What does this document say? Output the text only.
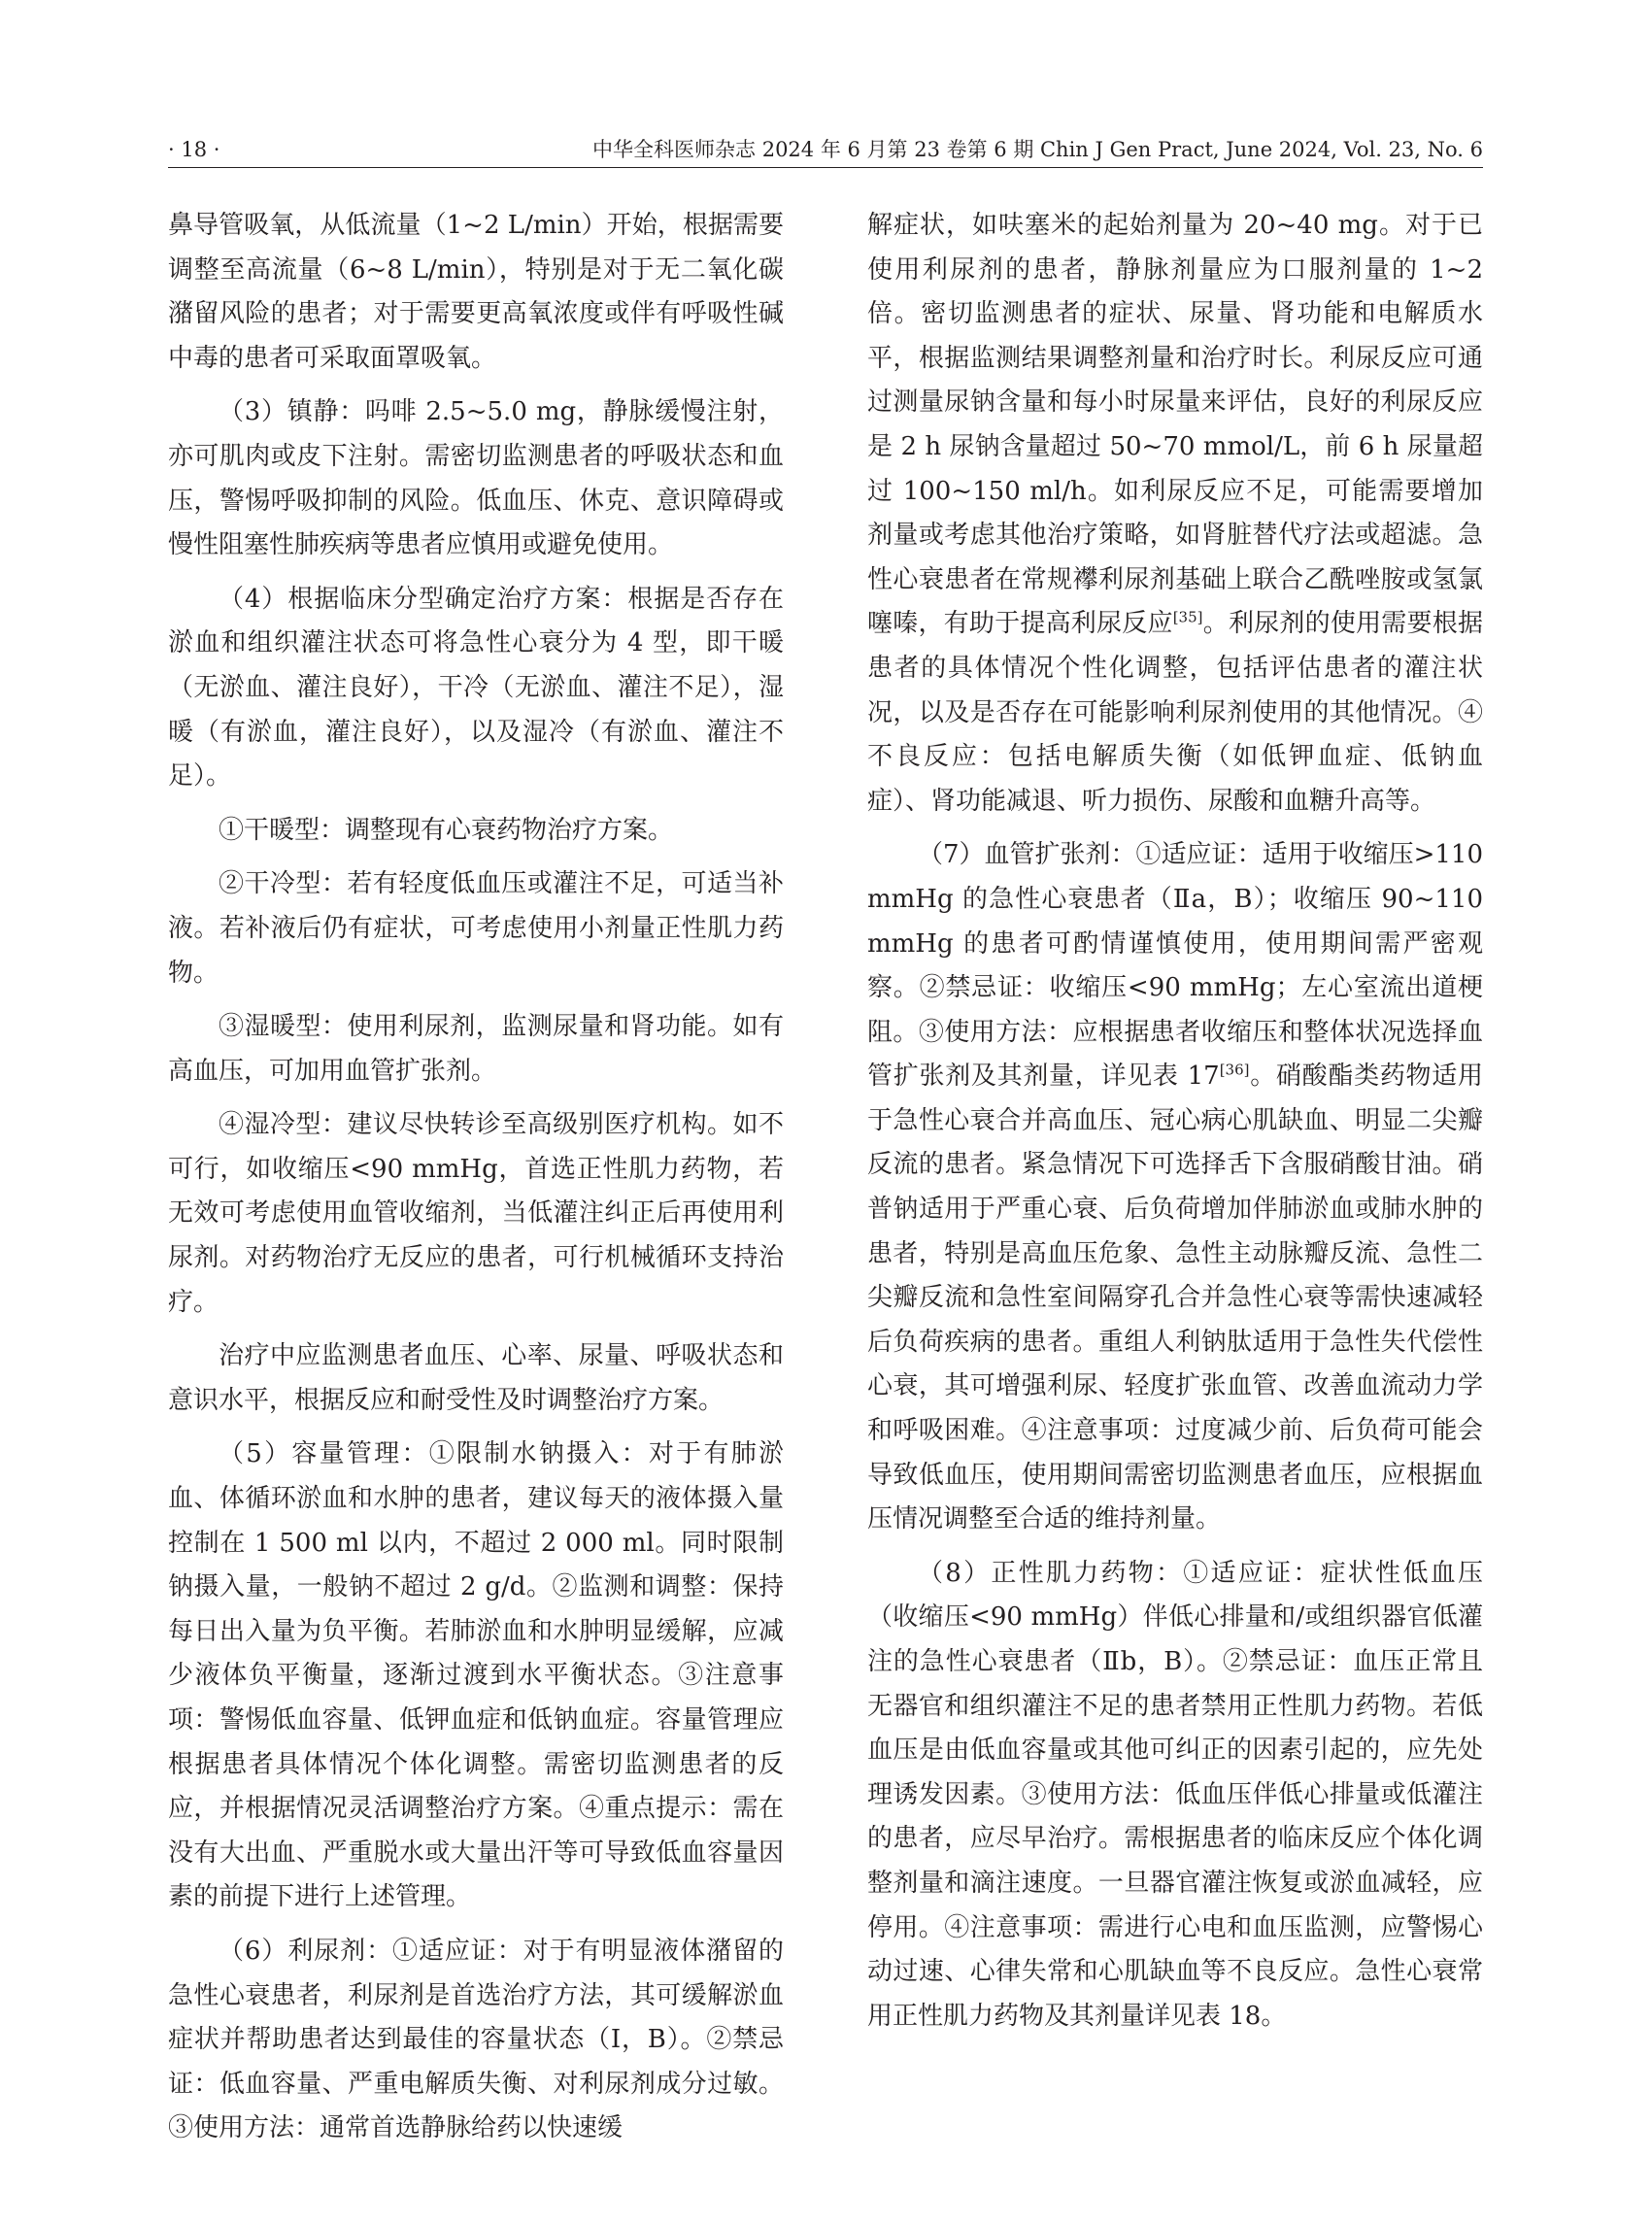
· 18 ·	中华全科医师杂志 2024 年 6 月第 23 卷第 6 期 Chin J Gen Pract, June 2024, Vol. 23, No. 6

鼻导管吸氧，从低流量（1~2 L/min）开始，根据需要调整至高流量（6~8 L/min），特别是对于无二氧化碳潴留风险的患者；对于需要更高氧浓度或伴有呼吸性碱中毒的患者可采取面罩吸氧。

（3）镇静：吗啡 2.5~5.0 mg，静脉缓慢注射，亦可肌肉或皮下注射。需密切监测患者的呼吸状态和血压，警惕呼吸抑制的风险。低血压、休克、意识障碍或慢性阻塞性肺疾病等患者应慎用或避免使用。

（4）根据临床分型确定治疗方案：根据是否存在淤血和组织灌注状态可将急性心衰分为 4 型，即干暖（无淤血、灌注良好），干冷（无淤血、灌注不足），湿暖（有淤血，灌注良好），以及湿冷（有淤血、灌注不足）。

①干暖型：调整现有心衰药物治疗方案。

②干冷型：若有轻度低血压或灌注不足，可适当补液。若补液后仍有症状，可考虑使用小剂量正性肌力药物。

③湿暖型：使用利尿剂，监测尿量和肾功能。如有高血压，可加用血管扩张剂。

④湿冷型：建议尽快转诊至高级别医疗机构。如不可行，如收缩压<90 mmHg，首选正性肌力药物，若无效可考虑使用血管收缩剂，当低灌注纠正后再使用利尿剂。对药物治疗无反应的患者，可行机械循环支持治疗。

治疗中应监测患者血压、心率、尿量、呼吸状态和意识水平，根据反应和耐受性及时调整治疗方案。

（5）容量管理：①限制水钠摄入：对于有肺淤血、体循环淤血和水肿的患者，建议每天的液体摄入量控制在 1 500 ml 以内，不超过 2 000 ml。同时限制钠摄入量，一般钠不超过 2 g/d。②监测和调整：保持每日出入量为负平衡。若肺淤血和水肿明显缓解，应减少液体负平衡量，逐渐过渡到水平衡状态。③注意事项：警惕低血容量、低钾血症和低钠血症。容量管理应根据患者具体情况个体化调整。需密切监测患者的反应，并根据情况灵活调整治疗方案。④重点提示：需在没有大出血、严重脱水或大量出汗等可导致低血容量因素的前提下进行上述管理。

（6）利尿剂：①适应证：对于有明显液体潴留的急性心衰患者，利尿剂是首选治疗方法，其可缓解淤血症状并帮助患者达到最佳的容量状态（Ⅰ，B）。②禁忌证：低血容量、严重电解质失衡、对利尿剂成分过敏。③使用方法：通常首选静脉给药以快速缓

解症状，如呋塞米的起始剂量为 20~40 mg。对于已使用利尿剂的患者，静脉剂量应为口服剂量的 1~2 倍。密切监测患者的症状、尿量、肾功能和电解质水平，根据监测结果调整剂量和治疗时长。利尿反应可通过测量尿钠含量和每小时尿量来评估，良好的利尿反应是 2 h 尿钠含量超过 50~70 mmol/L，前 6 h 尿量超过 100~150 ml/h。如利尿反应不足，可能需要增加剂量或考虑其他治疗策略，如肾脏替代疗法或超滤。急性心衰患者在常规襻利尿剂基础上联合乙酰唑胺或氢氯噻嗪，有助于提高利尿反应[35]。利尿剂的使用需要根据患者的具体情况个性化调整，包括评估患者的灌注状况，以及是否存在可能影响利尿剂使用的其他情况。④不良反应：包括电解质失衡（如低钾血症、低钠血症）、肾功能减退、听力损伤、尿酸和血糖升高等。

（7）血管扩张剂：①适应证：适用于收缩压>110 mmHg 的急性心衰患者（Ⅱa，B）；收缩压 90~110 mmHg 的患者可酌情谨慎使用，使用期间需严密观察。②禁忌证：收缩压<90 mmHg；左心室流出道梗阻。③使用方法：应根据患者收缩压和整体状况选择血管扩张剂及其剂量，详见表 17[36]。硝酸酯类药物适用于急性心衰合并高血压、冠心病心肌缺血、明显二尖瓣反流的患者。紧急情况下可选择舌下含服硝酸甘油。硝普钠适用于严重心衰、后负荷增加伴肺淤血或肺水肿的患者，特别是高血压危象、急性主动脉瓣反流、急性二尖瓣反流和急性室间隔穿孔合并急性心衰等需快速减轻后负荷疾病的患者。重组人利钠肽适用于急性失代偿性心衰，其可增强利尿、轻度扩张血管、改善血流动力学和呼吸困难。④注意事项：过度减少前、后负荷可能会导致低血压，使用期间需密切监测患者血压，应根据血压情况调整至合适的维持剂量。

（8）正性肌力药物：①适应证：症状性低血压（收缩压<90 mmHg）伴低心排量和/或组织器官低灌注的急性心衰患者（Ⅱb，B）。②禁忌证：血压正常且无器官和组织灌注不足的患者禁用正性肌力药物。若低血压是由低血容量或其他可纠正的因素引起的，应先处理诱发因素。③使用方法：低血压伴低心排量或低灌注的患者，应尽早治疗。需根据患者的临床反应个体化调整剂量和滴注速度。一旦器官灌注恢复或淤血减轻，应停用。④注意事项：需进行心电和血压监测，应警惕心动过速、心律失常和心肌缺血等不良反应。急性心衰常用正性肌力药物及其剂量详见表 18。
